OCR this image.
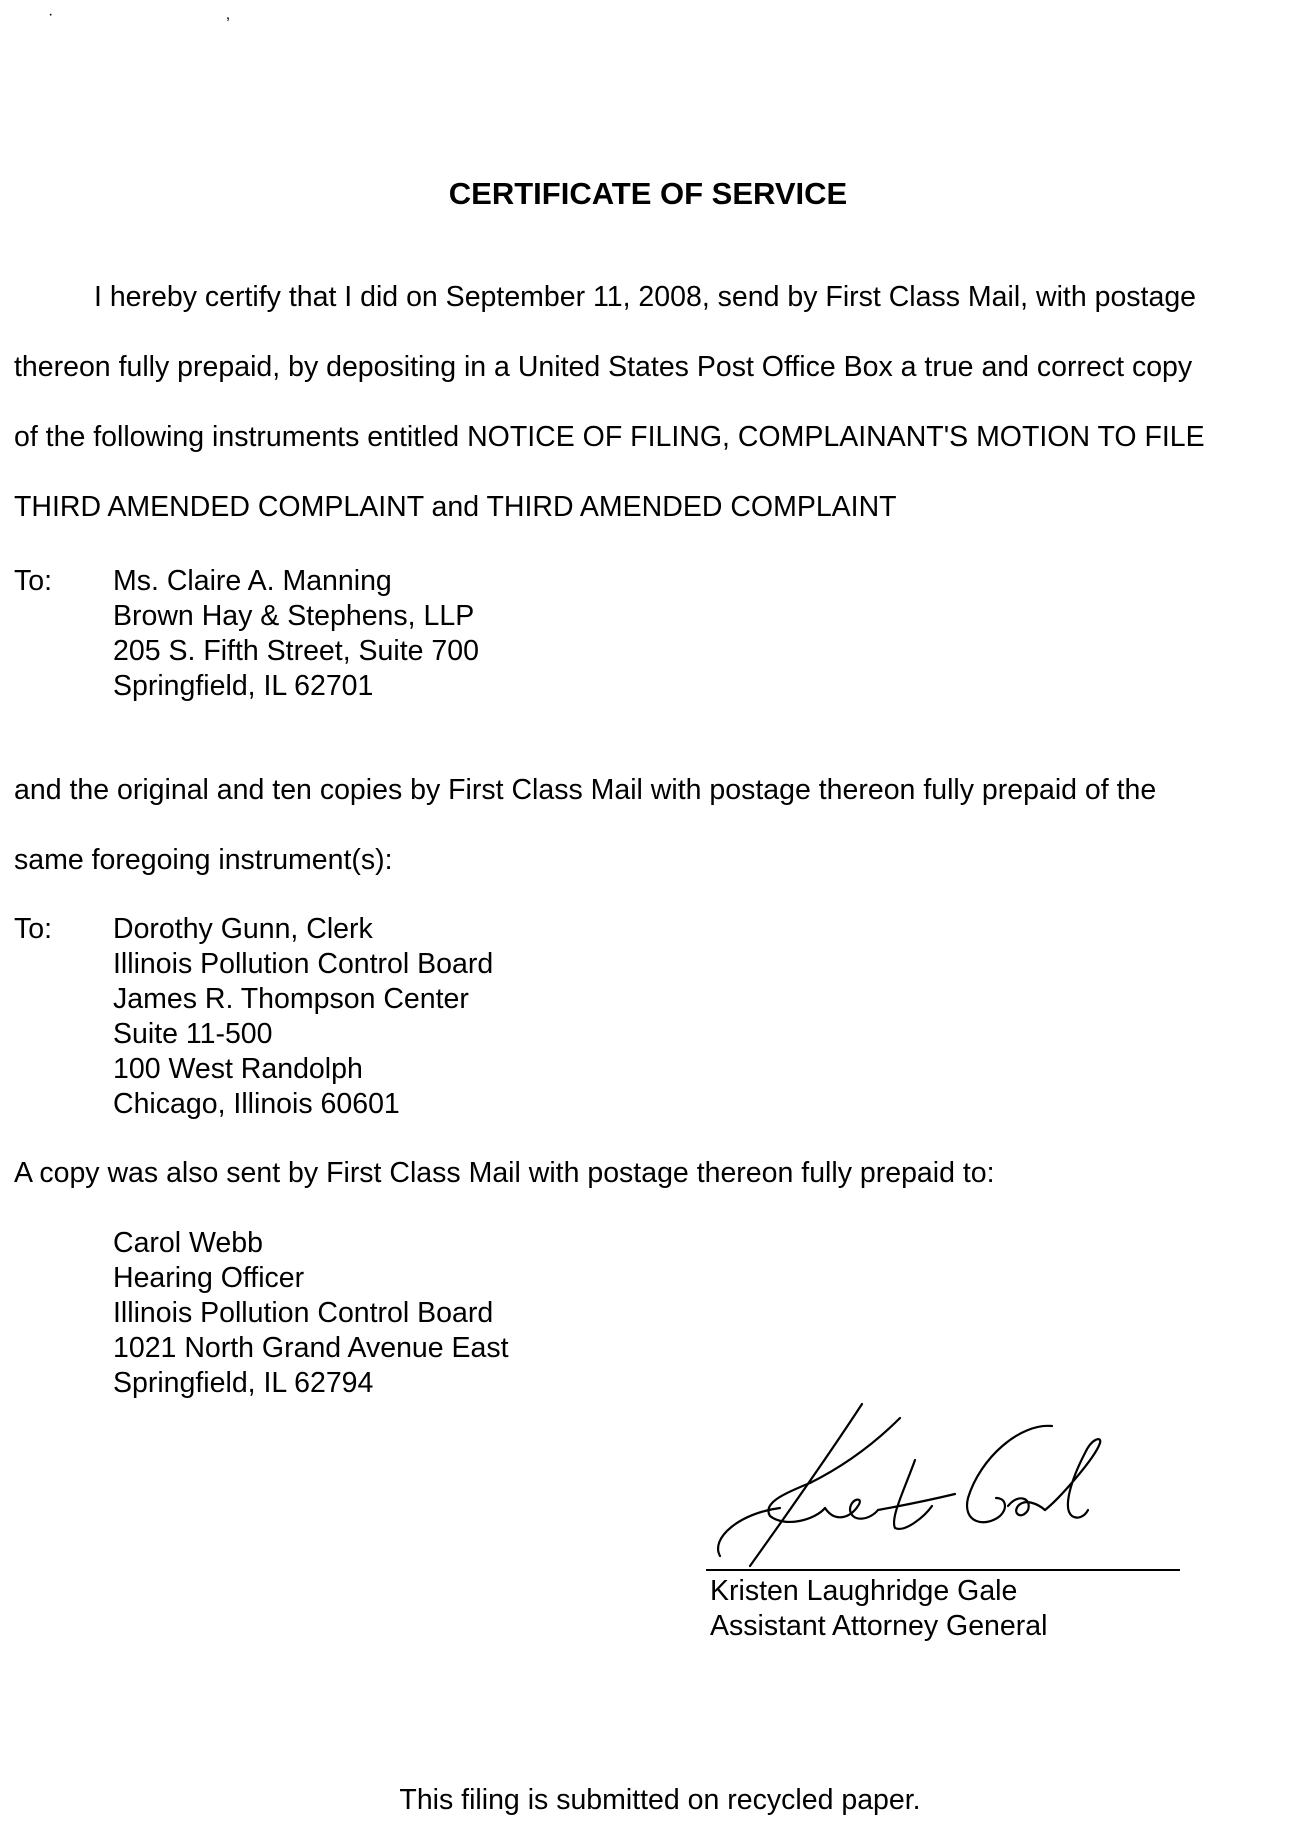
· ,
CERTIFICATE OF SERVICE
I hereby certify that I did on September 11, 2008, send by First Class Mail, with postage
thereon fully prepaid, by depositing in a United States Post Office Box a true and correct copy
of the following instruments entitled NOTICE OF FILING, COMPLAINANT'S MOTION TO FILE
THIRD AMENDED COMPLAINT and THIRD AMENDED COMPLAINT
To: Ms. Claire A. Manning
Brown Hay & Stephens, LLP
205 S. Fifth Street, Suite 700
Springfield, IL 62701
and the original and ten copies by First Class Mail with postage thereon fully prepaid of the
same foregoing instrument(s):
To: Dorothy Gunn, Clerk
Illinois Pollution Control Board
James R. Thompson Center
Suite 11-500
100 West Randolph
Chicago, Illinois 60601
A copy was also sent by First Class Mail with postage thereon fully prepaid to:
Carol Webb
Hearing Officer
Illinois Pollution Control Board
1021 North Grand Avenue East
Springfield, IL 62794
Kristen Laughridge Gale
Assistant Attorney General
This filing is submitted on recycled paper.
